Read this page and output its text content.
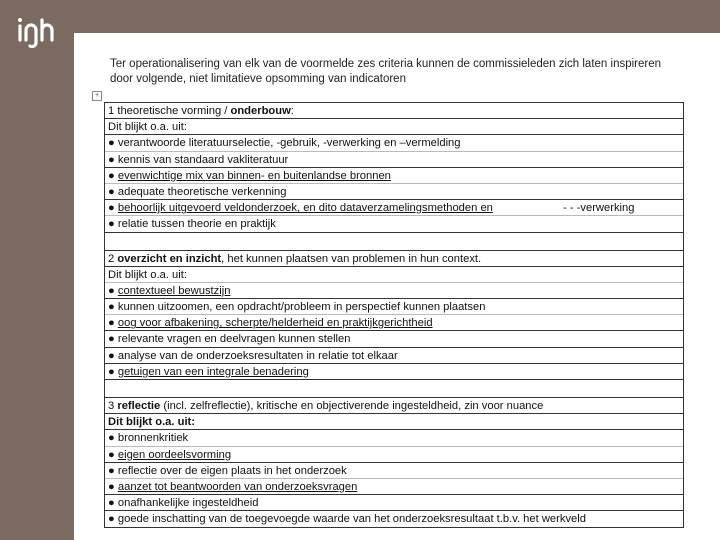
Ter operationalisering van elk van de voormelde zes criteria kunnen de commissieleden zich laten inspireren
door volgende, niet limitatieve opsomming van indicatoren
+
1 theoretische vorming / onderbouw:
Dit blijkt o.a. uit:
● verantwoorde literatuurselectie, -gebruik, -verwerking en –vermelding
● kennis van standaard vakliteratuur
● evenwichtige mix van binnen- en buitenlandse bronnen
● adequate theoretische verkenning
● behoorlijk uitgevoerd veldonderzoek, en dito dataverzamelingsmethoden en	- - -verwerking
● relatie tussen theorie en praktijk
2 overzicht en inzicht, het kunnen plaatsen van problemen in hun context.
Dit blijkt o.a. uit:
● contextueel bewustzijn
● kunnen uitzoomen, een opdracht/probleem in perspectief kunnen plaatsen
● oog voor afbakening, scherpte/helderheid en praktijkgerichtheid
● relevante vragen en deelvragen kunnen stellen
● analyse van de onderzoeksresultaten in relatie tot elkaar
● getuigen van een integrale benadering
3 reflectie (incl. zelfreflectie), kritische en objectiverende ingesteldheid, zin voor nuance
Dit blijkt o.a. uit:
● bronnenkritiek
● eigen oordeelsvorming
● reflectie over de eigen plaats in het onderzoek
● aanzet tot beantwoorden van onderzoeksvragen
● onafhankelijke ingesteldheid
● goede inschatting van de toegevoegde waarde van het onderzoeksresultaat t.b.v. het werkveld
